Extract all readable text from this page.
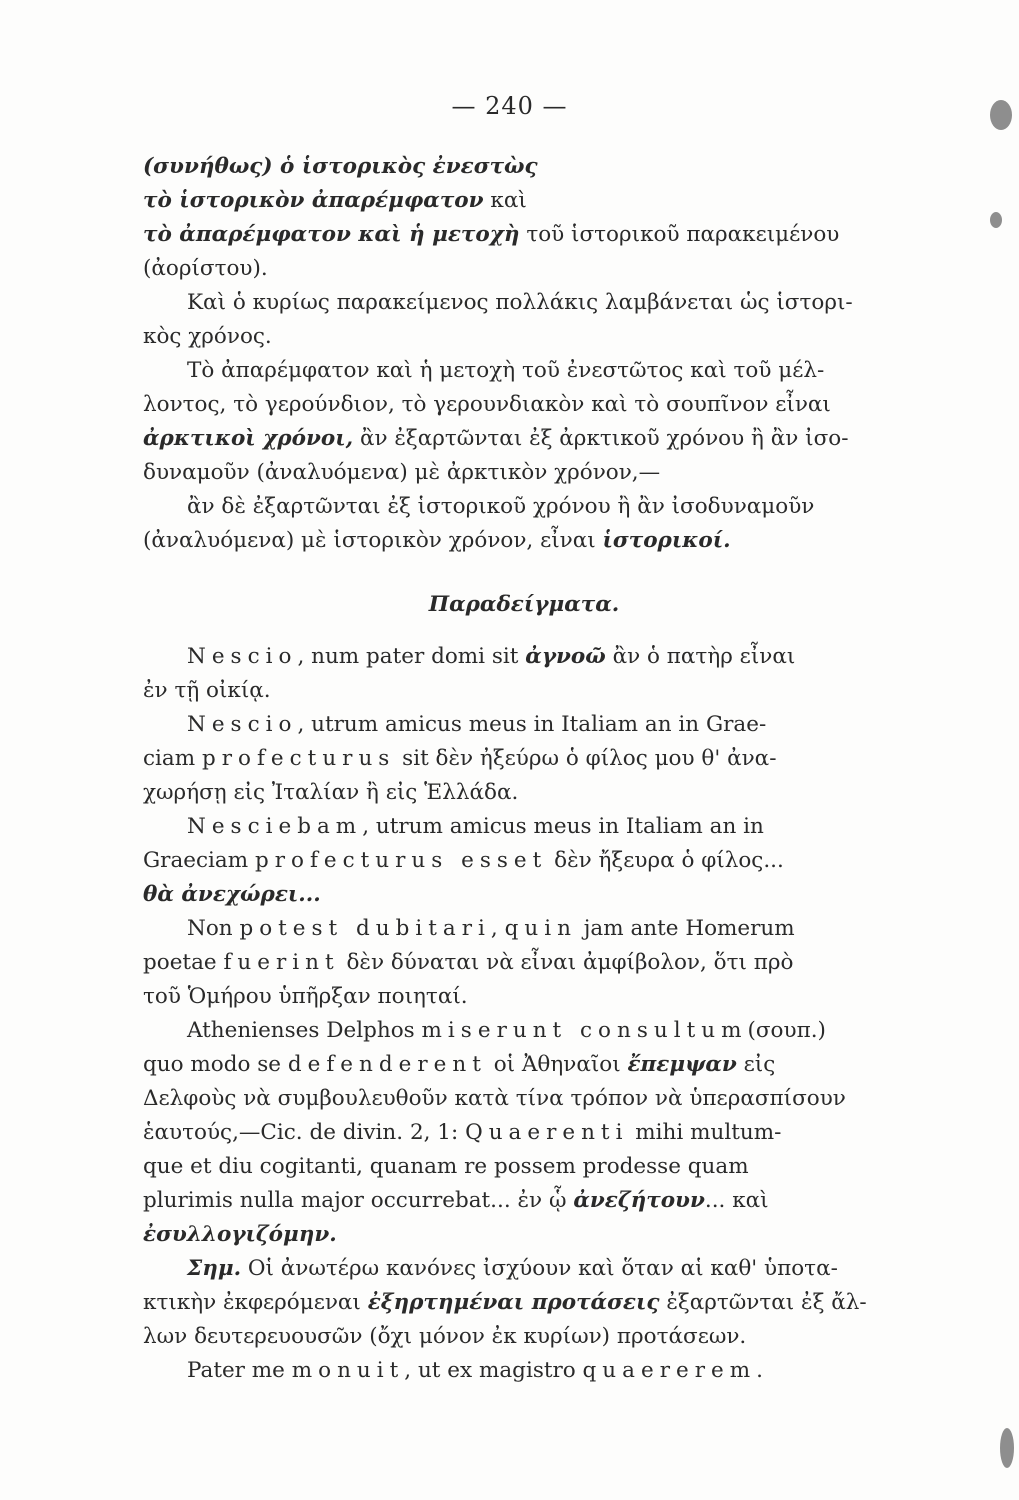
— 240 —
(συνήθως) ὁ ἱστορικὸς ἐνεστὼς
τὸ ἱστορικὸν ἀπαρέμφατον καὶ
τὸ ἀπαρέμφατον καὶ ἡ μετοχὴ τοῦ ἱστορικοῦ παρακειμένου
(ἀορίστου).
Καὶ ὁ κυρίως παρακείμενος πολλάκις λαμβάνεται ὡς ἱστορι-
κὸς χρόνος.
Τὸ ἀπαρέμφατον καὶ ἡ μετοχὴ τοῦ ἐνεστῶτος καὶ τοῦ μέλ-
λοντος, τὸ γερούνδιον, τὸ γερουνδιακὸν καὶ τὸ σουπῖνον εἶναι
ἀρκτικοὶ χρόνοι, ἂν ἐξαρτῶνται ἐξ ἀρκτικοῦ χρόνου ἢ ἂν ἰσο-
δυναμοῦν (ἀναλυόμενα) μὲ ἀρκτικὸν χρόνον,—
ἂν δὲ ἐξαρτῶνται ἐξ ἱστορικοῦ χρόνου ἢ ἂν ἰσοδυναμοῦν
(ἀναλυόμενα) μὲ ἱστορικὸν χρόνον, εἶναι ἱστορικοί.
Παραδείγματα.
Nescio, num pater domi sit ἀγνοῶ ἂν ὁ πατὴρ εἶναι
ἐν τῇ οἰκίᾳ.
Nescio, utrum amicus meus in Italiam an in Grae-
ciam profecturus sit δὲν ἠξεύρω ὁ φίλος μου θ' ἀνα-
χωρήσῃ εἰς Ἰταλίαν ἢ εἰς Ἑλλάδα.
Nesciebam, utrum amicus meus in Italiam an in
Graeciam profecturus esset δὲν ἤξευρα ὁ φίλος...
θὰ ἀνεχώρει...
Non potest dubitari, quin jam ante Homerum
poetae fuerint δὲν δύναται νὰ εἶναι ἀμφίβολον, ὅτι πρὸ
τοῦ Ὁμήρου ὑπῆρξαν ποιηταί.
Athenienses Delphos miserunt consultum(σουπ.)
quo modo se defenderent οἱ Ἀθηναῖοι ἔπεμψαν εἰς
Δελφοὺς νὰ συμβουλευθοῦν κατὰ τίνα τρόπον νὰ ὑπερασπίσουν
ἑαυτούς,—Cic. de divin. 2, 1: Quaerenti mihi multum-
que et diu cogitanti, quanam re possem prodesse quam
plurimis nulla major occurrebat... ἐν ᾧ ἀνεζήτουν... καὶ
ἐσυλλογιζόμην.
Σημ. Οἱ ἀνωτέρω κανόνες ἰσχύουν καὶ ὅταν αἱ καθ' ὑποτα-
κτικὴν ἐκφερόμεναι ἐξηρτημέναι προτάσεις ἐξαρτῶνται ἐξ ἄλ-
λων δευτερευουσῶν (ὄχι μόνον ἐκ κυρίων) προτάσεων.
Pater me monuit, ut ex magistro quaererem.
